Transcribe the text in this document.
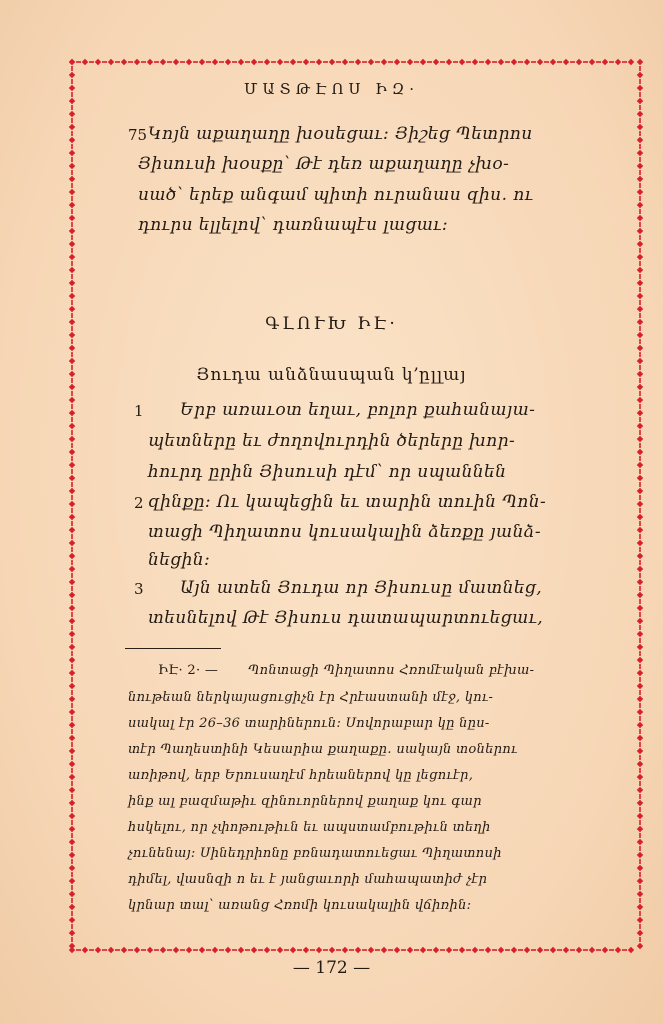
ՄԱՏԹԷՈՍ ԻԶ·
75 Կոյն աքաղաղը խօսեցաւ։ Յիշեց Պետրոս
Յիսուսի խօսքը՝ Թէ դեռ աքաղաղը չխօ-
սած՝ երեք անգամ պիտի ուրանաս զիս․ ու
դուրս ելլելով՝ դառնապէս լացաւ։
ԳԼՈՒԽ ԻԷ·
Յուդա անձնասպան կ՚ըլլայ
1 Երբ առաւօտ եղաւ, բոլոր քահանայա-
պետները եւ ժողովուրդին ծերերը խոր-
հուրդ ըրին Յիսուսի դէմ՝ որ սպաննեն
2 զինքը։ Ու կապեցին եւ տարին տուին Պոն-
տացի Պիղատոս կուսակալին ձեռքը յանձ-
նեցին։
3 Այն ատեն Յուդա որ Յիսուսը մատնեց,
տեսնելով Թէ Յիսուս դատապարտուեցաւ,
ԻԷ· 2· — Պոնտացի Պիղատոս Հռոմէական բէխա-
նութեան ներկայացուցիչն էր Հրէաստանի մէջ, կու-
սակալ էր 26–36 տարիներուն։ Սովորաբար կը նըս-
տէր Պաղեստինի Կեսարիա քաղաքը․ սակայն տօներու
առիթով, երբ Երուսաղէմ հրեաներով կը լեցուէր,
ինք ալ բազմաթիւ զինուորներով քաղաք կու գար
հսկելու, որ չփոթութիւն եւ ապստամբութիւն տեղի
չունենայ։ Սինեդրիոնը բռնադատուեցաւ Պիղատոսի
դիմել, վասնզի ո եւ է յանցաւորի մահապատիժ չէր
կրնար տալ՝ առանց Հռոմի կուսակալին վճիռին։
— 172 —
